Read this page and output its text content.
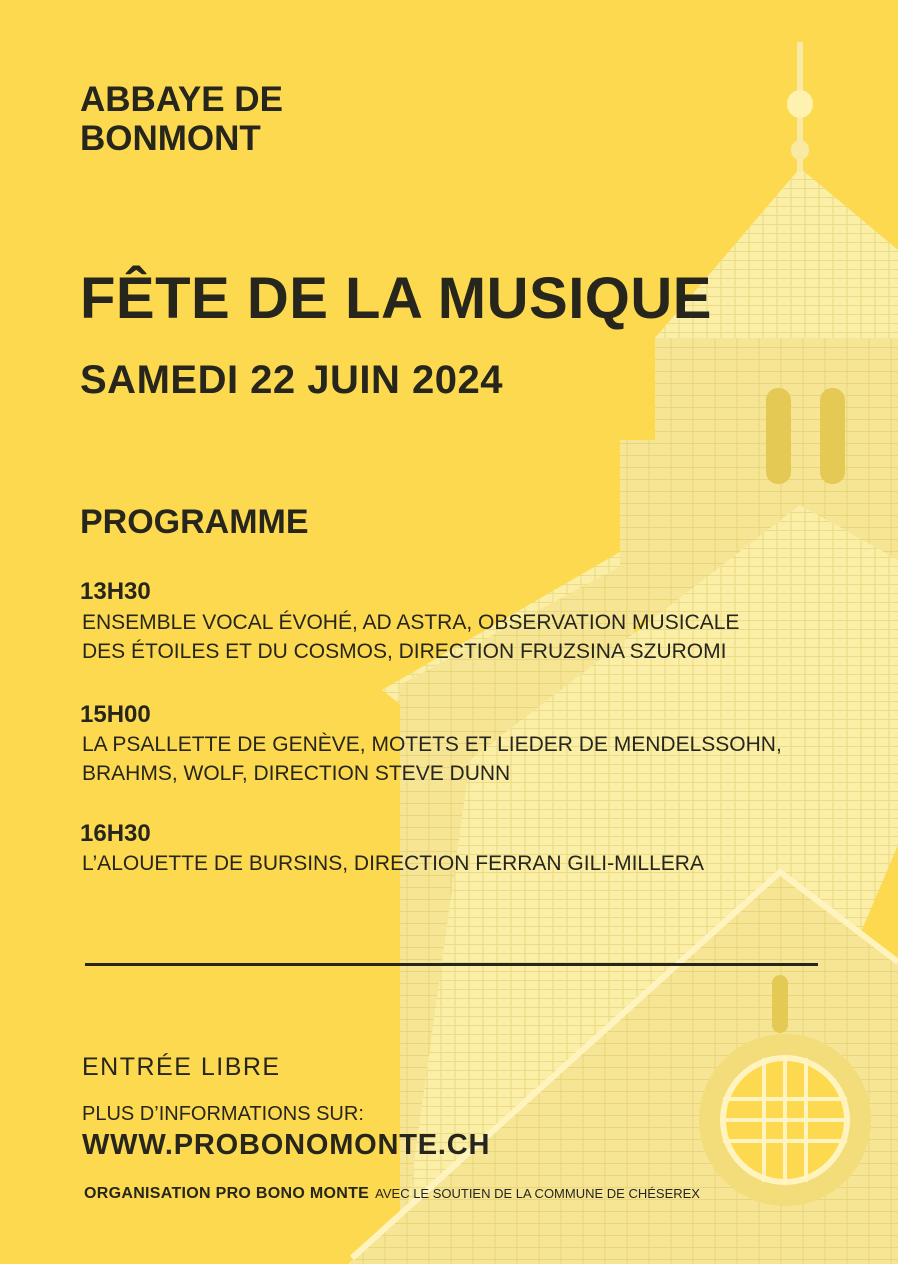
ABBAYE DE
BONMONT
FÊTE DE LA MUSIQUE
SAMEDI 22 JUIN 2024
PROGRAMME
13H30
ENSEMBLE VOCAL ÉVOHÉ, AD ASTRA, OBSERVATION MUSICALE
DES ÉTOILES ET DU COSMOS, DIRECTION FRUZSINA SZUROMI
15H00
LA PSALLETTE DE GENÈVE, MOTETS ET LIEDER DE MENDELSSOHN,
BRAHMS, WOLF, DIRECTION STEVE DUNN
16H30
L’ALOUETTE DE BURSINS, DIRECTION FERRAN GILI-MILLERA
ENTRÉE LIBRE
PLUS D’INFORMATIONS SUR:
WWW.PROBONOMONTE.CH
ORGANISATION PRO BONO MONTE AVEC LE SOUTIEN DE LA COMMUNE DE CHÉSEREX
